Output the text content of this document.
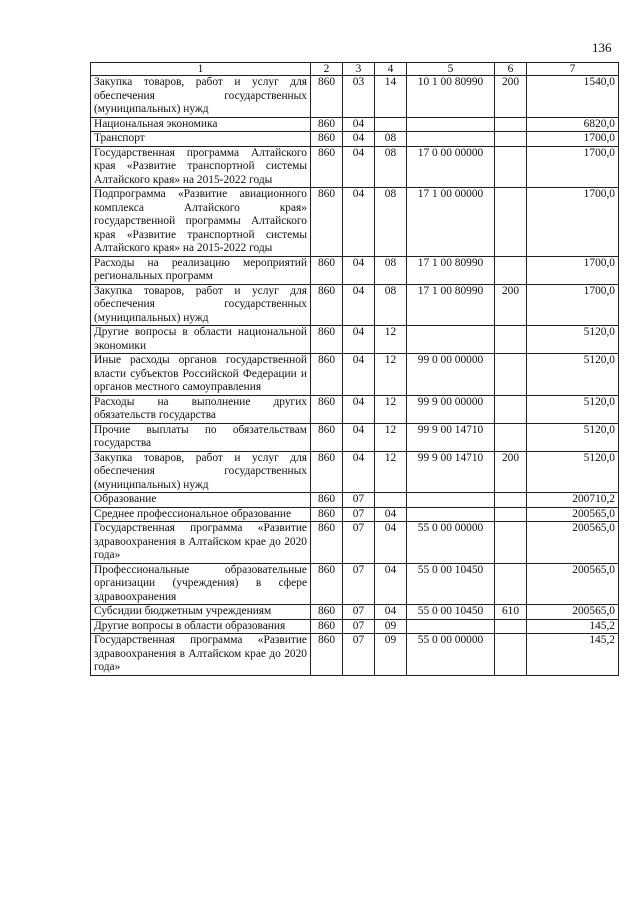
136
1	2	3	4	5	6	7
Закупка товаров, работ и услуг для обеспечения государственных (муниципальных) нужд	860	03	14	10 1 00 80990	200	1540,0
Национальная экономика	860	04				6820,0
Транспорт	860	04	08			1700,0
Государственная программа Алтайского края «Развитие транспортной системы Алтайского края» на 2015-2022 годы	860	04	08	17 0 00 00000		1700,0
Подпрограмма «Развитие авиационного комплекса Алтайского края» государственной программы Алтайского края «Развитие транспортной системы Алтайского края» на 2015-2022 годы	860	04	08	17 1 00 00000		1700,0
Расходы на реализацию мероприятий региональных программ	860	04	08	17 1 00 80990		1700,0
Закупка товаров, работ и услуг для обеспечения государственных (муниципальных) нужд	860	04	08	17 1 00 80990	200	1700,0
Другие вопросы в области национальной экономики	860	04	12			5120,0
Иные расходы органов государственной власти субъектов Российской Федерации и органов местного самоуправления	860	04	12	99 0 00 00000		5120,0
Расходы на выполнение других обязательств государства	860	04	12	99 9 00 00000		5120,0
Прочие выплаты по обязательствам государства	860	04	12	99 9 00 14710		5120,0
Закупка товаров, работ и услуг для обеспечения государственных (муниципальных) нужд	860	04	12	99 9 00 14710	200	5120,0
Образование	860	07				200710,2
Среднее профессиональное образование	860	07	04			200565,0
Государственная программа «Развитие здравоохранения в Алтайском крае до 2020 года»	860	07	04	55 0 00 00000		200565,0
Профессиональные образовательные организации (учреждения) в сфере здравоохранения	860	07	04	55 0 00 10450		200565,0
Субсидии бюджетным учреждениям	860	07	04	55 0 00 10450	610	200565,0
Другие вопросы в области образования	860	07	09			145,2
Государственная программа «Развитие здравоохранения в Алтайском крае до 2020 года»	860	07	09	55 0 00 00000		145,2
